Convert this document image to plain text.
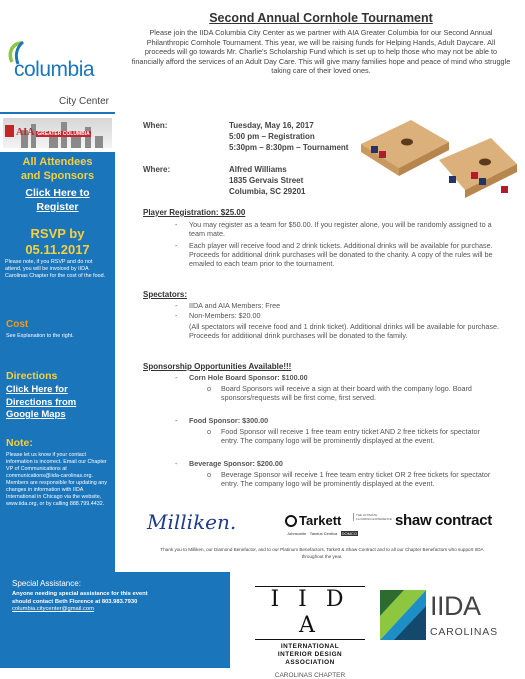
columbia
City Center
AIA GREATER COLUMBIA
All Attendees
and Sponsors
Click Here to
Register
RSVP by
05.11.2017
Please note, if you RSVP and do not attend, you will be invoiced by IIDA Carolinas Chapter for the cost of the food.
Cost
See Explanation to the right.
Directions
Click Here for
Directions from
Google Maps
Note:
Please let us know if your contact information is incorrect. Email our Chapter VP of Communications at communications@iida-carolinas.org. Members are responsible for updating any changes in information with IIDA International in Chicago via the website, www.iida.org, or by calling 888.799.4432.
Second Annual Cornhole Tournament
Please join the IIDA Columbia City Center as we partner with AIA Greater Columbia for our Second Annual Philanthropic Cornhole Tournament. This year, we will be raising funds for Helping Hands, Adult Daycare. All proceeds will go towards Mr. Charlie's Scholarship Fund which is set up to help those who may not be able to financially afford the services of an Adult Day Care. This will give many families hope and peace of mind who struggle taking care of their loved ones.
When:	Tuesday, May 16, 2017
5:00 pm – Registration
5:30pm – 8:30pm – Tournament
Where:	Alfred Williams
1835 Gervais Street
Columbia, SC 29201
Player Registration: $25.00
- You may register as a team for $50.00. If you register alone, you will be randomly assigned to a team mate.
- Each player will receive food and 2 drink tickets. Additional drinks will be available for purchase. Proceeds for additional drink purchases will be donated to the charity. A copy of the rules will be emailed to each team prior to the tournament.
Spectators:
- IIDA and AIA Members: Free
- Non-Members: $20.00
(All spectators will receive food and 1 drink ticket). Additional drinks will be available for purchase. Proceeds for additional drink purchases will be donated to the family.
Sponsorship Opportunities Available!!!
- Corn Hole Board Sponsor: $100.00
o Board Sponsors will receive a sign at their board with the company logo. Board sponsors/requests will be first come, first served.
- Food Sponsor: $300.00
o Food Sponsor will receive 1 free team entry ticket AND 2 free tickets for spectator entry. The company logo will be prominently displayed at the event.
- Beverage Sponsor: $200.00
o Beverage Sponsor will receive 1 free team entry ticket OR 2 free tickets for spectator entry. The company logo will be prominently displayed at the event.
Milliken.	Tarkett	THE ULTIMATE FLOORING EXPERIENCE shaw contract
Johnsonite Tandus Centiva DOMCO
Thank you to Milliken, our Diamond Benefactor, and to our Platinum Benefactors, Tarkett & Shaw Contract and to all our Chapter Benefactors who support IIDA throughout the year.
Special Assistance:
Anyone needing special assistance for this event should contact Beth Florence at 803.983.7930
columbia.citycenter@gmail.com	I I D A
INTERNATIONAL
INTERIOR DESIGN
ASSOCIATION
CAROLINAS CHAPTER
IIDA
CAROLINAS
